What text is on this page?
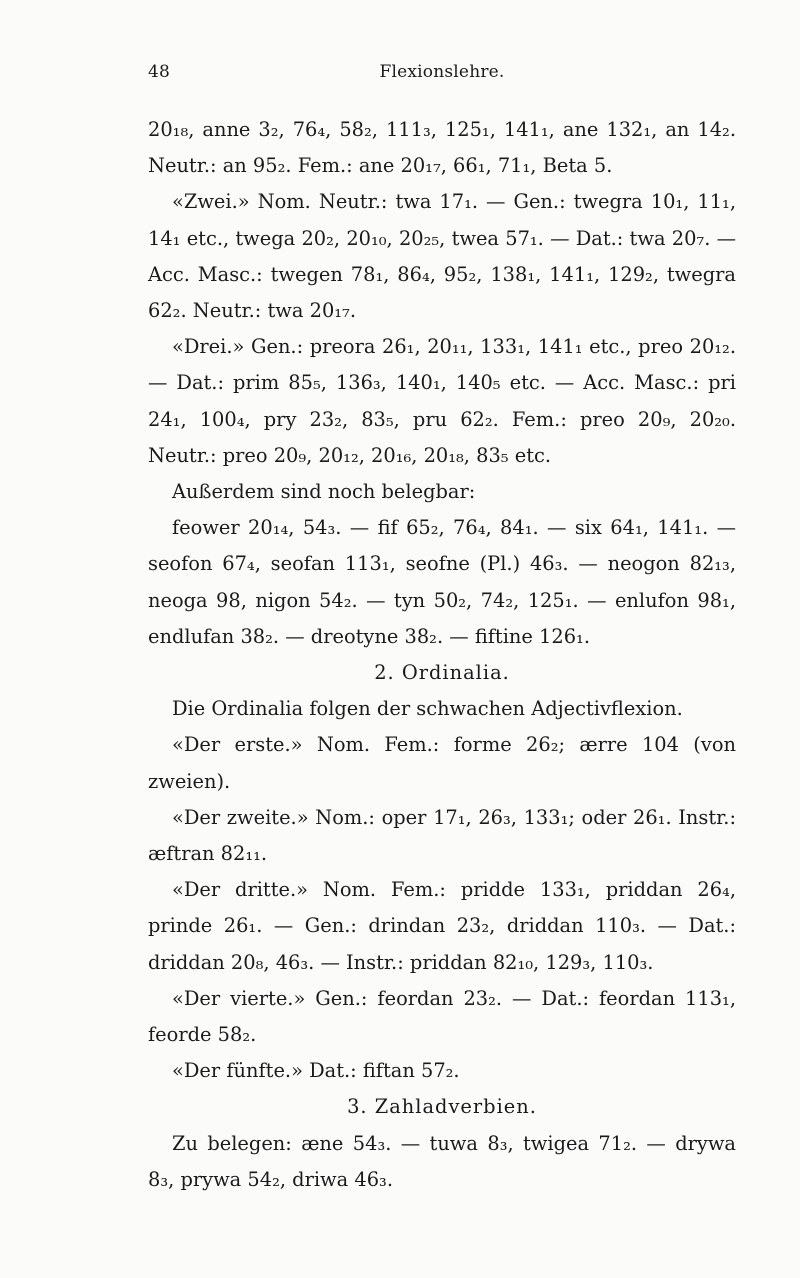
48	Flexionslehre.

20₁₈, anne 3₂, 76₄, 58₂, 111₃, 125₁, 141₁, ane 132₁, an 14₂. Neutr.: an 95₂. Fem.: ane 20₁₇, 66₁, 71₁, Beta 5.

«Zwei.» Nom. Neutr.: twa 17₁. — Gen.: twegra 10₁, 11₁, 14₁ etc., twega 20₂, 20₁₀, 20₂₅, twea 57₁. — Dat.: twa 20₇. — Acc. Masc.: twegen 78₁, 86₄, 95₂, 138₁, 141₁, 129₂, twegra 62₂. Neutr.: twa 20₁₇.

«Drei.» Gen.: preora 26₁, 20₁₁, 133₁, 141₁ etc., preo 20₁₂. — Dat.: prim 85₅, 136₃, 140₁, 140₅ etc. — Acc. Masc.: pri 24₁, 100₄, pry 23₂, 83₅, pru 62₂. Fem.: preo 20₉, 20₂₀. Neutr.: preo 20₉, 20₁₂, 20₁₆, 20₁₈, 83₅ etc.

Außerdem sind noch belegbar:

feower 20₁₄, 54₃. — fif 65₂, 76₄, 84₁. — six 64₁, 141₁. — seofon 67₄, seofan 113₁, seofne (Pl.) 46₃. — neogon 82₁₃, neoga 98, nigon 54₂. — tyn 50₂, 74₂, 125₁. — enlufon 98₁, endlufan 38₂. — dreotyne 38₂. — fiftine 126₁.

2. Ordinalia.

Die Ordinalia folgen der schwachen Adjectivflexion.

«Der erste.» Nom. Fem.: forme 26₂; ærre 104 (von zweien).

«Der zweite.» Nom.: oper 17₁, 26₃, 133₁; oder 26₁. Instr.: æftran 82₁₁.

«Der dritte.» Nom. Fem.: pridde 133₁, priddan 26₄, prinde 26₁. — Gen.: drindan 23₂, driddan 110₃. — Dat.: driddan 20₈, 46₃. — Instr.: priddan 82₁₀, 129₃, 110₃.

«Der vierte.» Gen.: feordan 23₂. — Dat.: feordan 113₁, feorde 58₂.

«Der fünfte.» Dat.: fiftan 57₂.

3. Zahladverbien.

Zu belegen: æne 54₃. — tuwa 8₃, twigea 71₂. — drywa 8₃, prywa 54₂, driwa 46₃.
